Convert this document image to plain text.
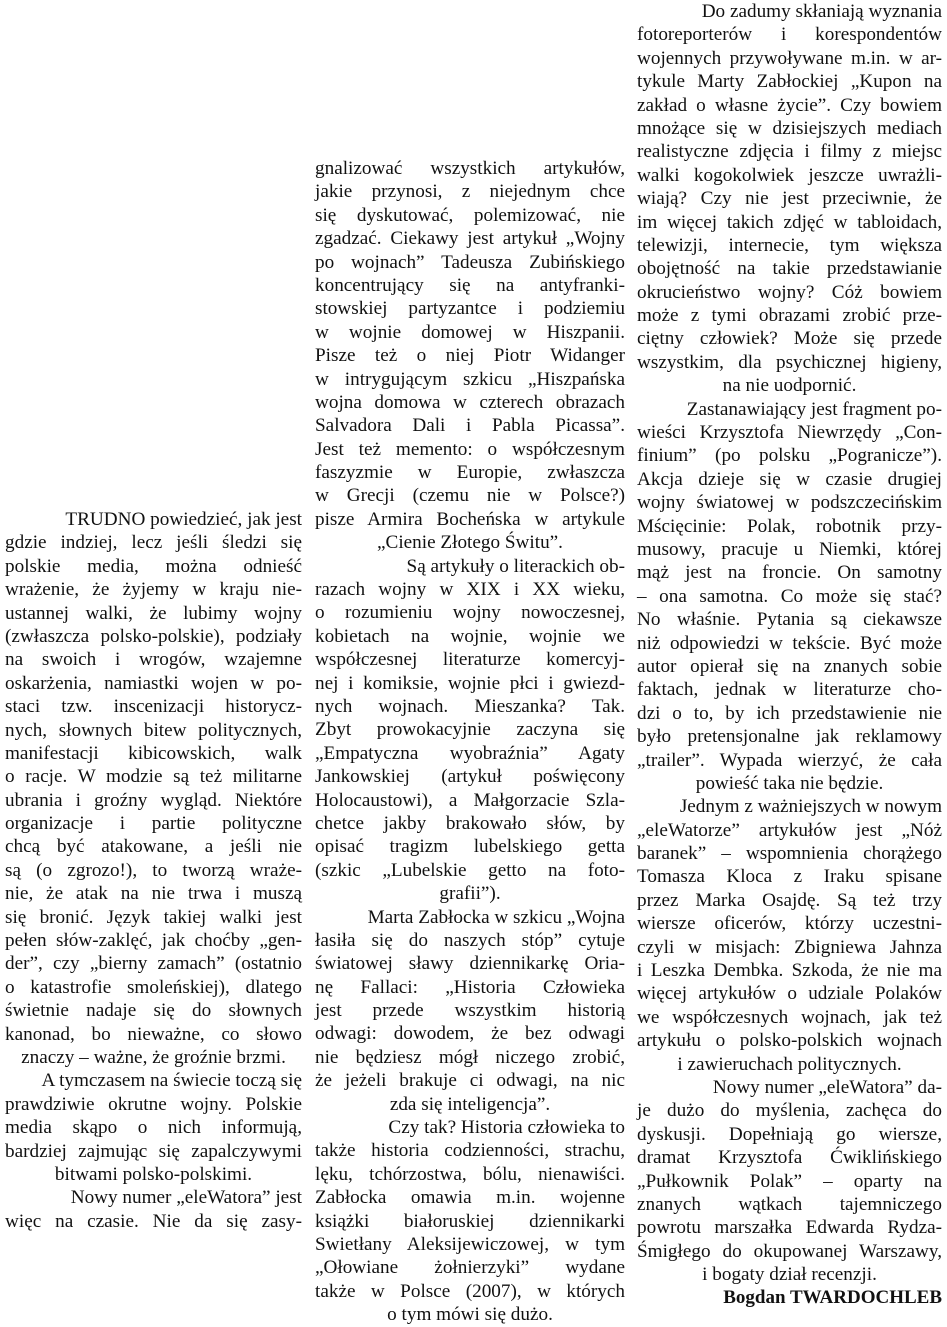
TRUDNO powiedzieć, jak jest
gdzie indziej, lecz jeśli śledzi się
polskie media, można odnieść
wrażenie, że żyjemy w kraju nie-
ustannej walki, że lubimy wojny
(zwłaszcza polsko-polskie), podziały
na swoich i wrogów, wzajemne
oskarżenia, namiastki wojen w po-
staci tzw. inscenizacji historycz-
nych, słownych bitew politycznych,
manifestacji kibicowskich, walk
o racje. W modzie są też militarne
ubrania i groźny wygląd. Niektóre
organizacje i partie polityczne
chcą być atakowane, a jeśli nie
są (o zgrozo!), to tworzą wraże-
nie, że atak na nie trwa i muszą
się bronić. Język takiej walki jest
pełen słów-zaklęć, jak choćby „gen-
der”, czy „bierny zamach” (ostatnio
o katastrofie smoleńskiej), dlatego
świetnie nadaje się do słownych
kanonad, bo nieważne, co słowo
znaczy – ważne, że groźnie brzmi.
A tymczasem na świecie toczą się
prawdziwie okrutne wojny. Polskie
media skąpo o nich informują,
bardziej zajmując się zapalczywymi
bitwami polsko-polskimi.
Nowy numer „eleWatora” jest
więc na czasie. Nie da się zasy-
gnalizować wszystkich artykułów,
jakie przynosi, z niejednym chce
się dyskutować, polemizować, nie
zgadzać. Ciekawy jest artykuł „Wojny
po wojnach” Tadeusza Zubińskiego
koncentrujący się na antyfranki-
stowskiej partyzantce i podziemiu
w wojnie domowej w Hiszpanii.
Pisze też o niej Piotr Widanger
w intrygującym szkicu „Hiszpańska
wojna domowa w czterech obrazach
Salvadora Dali i Pabla Picassa”.
Jest też memento: o współczesnym
faszyzmie w Europie, zwłaszcza
w Grecji (czemu nie w Polsce?)
pisze Armira Bocheńska w artykule
„Cienie Złotego Świtu”.
Są artykuły o literackich ob-
razach wojny w XIX i XX wieku,
o rozumieniu wojny nowoczesnej,
kobietach na wojnie, wojnie we
współczesnej literaturze komercyj-
nej i komiksie, wojnie płci i gwiezd-
nych wojnach. Mieszanka? Tak.
Zbyt prowokacyjnie zaczyna się
„Empatyczna wyobraźnia” Agaty
Jankowskiej (artykuł poświęcony
Holocaustowi), a Małgorzacie Szla-
chetce jakby brakowało słów, by
opisać tragizm lubelskiego getta
(szkic „Lubelskie getto na foto-
grafii”).
Marta Zabłocka w szkicu „Wojna
łasiła się do naszych stóp” cytuje
światowej sławy dziennikarkę Oria-
nę Fallaci: „Historia Człowieka
jest przede wszystkim historią
odwagi: dowodem, że bez odwagi
nie będziesz mógł niczego zrobić,
że jeżeli brakuje ci odwagi, na nic
zda się inteligencja”.
Czy tak? Historia człowieka to
także historia codzienności, strachu,
lęku, tchórzostwa, bólu, nienawiści.
Zabłocka omawia m.in. wojenne
książki białoruskiej dziennikarki
Swietłany Aleksijewiczowej, w tym
„Ołowiane żołnierzyki” wydane
także w Polsce (2007), w których
o tym mówi się dużo.
Do zadumy skłaniają wyznania
fotoreporterów i korespondentów
wojennych przywoływane m.in. w ar-
tykule Marty Zabłockiej „Kupon na
zakład o własne życie”. Czy bowiem
mnożące się w dzisiejszych mediach
realistyczne zdjęcia i filmy z miejsc
walki kogokolwiek jeszcze uwrażli-
wiają? Czy nie jest przeciwnie, że
im więcej takich zdjęć w tabloidach,
telewizji, internecie, tym większa
obojętność na takie przedstawianie
okrucieństwo wojny? Cóż bowiem
może z tymi obrazami zrobić prze-
ciętny człowiek? Może się przede
wszystkim, dla psychicznej higieny,
na nie uodpornić.
Zastanawiający jest fragment po-
wieści Krzysztofa Niewrzędy „Con-
finium” (po polsku „Pogranicze”).
Akcja dzieje się w czasie drugiej
wojny światowej w podszczecińskim
Mścięcinie: Polak, robotnik przy-
musowy, pracuje u Niemki, której
mąż jest na froncie. On samotny
– ona samotna. Co może się stać?
No właśnie. Pytania są ciekawsze
niż odpowiedzi w tekście. Być może
autor opierał się na znanych sobie
faktach, jednak w literaturze cho-
dzi o to, by ich przedstawienie nie
było pretensjonalne jak reklamowy
„trailer”. Wypada wierzyć, że cała
powieść taka nie będzie.
Jednym z ważniejszych w nowym
„eleWatorze” artykułów jest „Nóż
baranek” – wspomnienia chorążego
Tomasza Kloca z Iraku spisane
przez Marka Osajdę. Są też trzy
wiersze oficerów, którzy uczestni-
czyli w misjach: Zbigniewa Jahnza
i Leszka Dembka. Szkoda, że nie ma
więcej artykułów o udziale Polaków
we współczesnych wojnach, jak też
artykułu o polsko-polskich wojnach
i zawieruchach politycznych.
Nowy numer „eleWatora” da-
je dużo do myślenia, zachęca do
dyskusji. Dopełniają go wiersze,
dramat Krzysztofa Ćwiklińskiego
„Pułkownik Polak” – oparty na
znanych wątkach tajemniczego
powrotu marszałka Edwarda Rydza-
Śmigłego do okupowanej Warszawy,
i bogaty dział recenzji.
Bogdan TWARDOCHLEB
